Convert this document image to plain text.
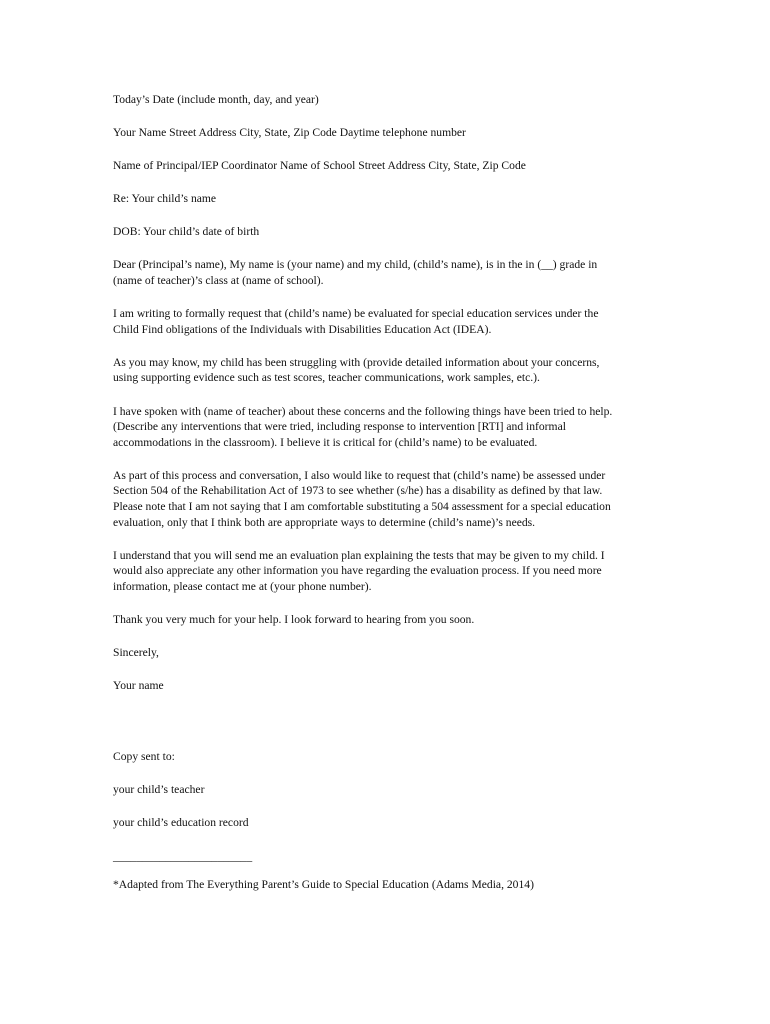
Today’s Date (include month, day, and year)

Your Name Street Address City, State, Zip Code Daytime telephone number

Name of Principal/IEP Coordinator Name of School Street Address City, State, Zip Code

Re: Your child’s name

DOB: Your child’s date of birth

Dear (Principal’s name), My name is (your name) and my child, (child’s name), is in the in (__) grade in
(name of teacher)’s class at (name of school).

I am writing to formally request that (child’s name) be evaluated for special education services under the
Child Find obligations of the Individuals with Disabilities Education Act (IDEA).

As you may know, my child has been struggling with (provide detailed information about your concerns,
using supporting evidence such as test scores, teacher communications, work samples, etc.).

I have spoken with (name of teacher) about these concerns and the following things have been tried to help.
(Describe any interventions that were tried, including response to intervention [RTI] and informal
accommodations in the classroom). I believe it is critical for (child’s name) to be evaluated.

As part of this process and conversation, I also would like to request that (child’s name) be assessed under
Section 504 of the Rehabilitation Act of 1973 to see whether (s/he) has a disability as defined by that law.
Please note that I am not saying that I am comfortable substituting a 504 assessment for a special education
evaluation, only that I think both are appropriate ways to determine (child’s name)’s needs.

I understand that you will send me an evaluation plan explaining the tests that may be given to my child. I
would also appreciate any other information you have regarding the evaluation process. If you need more
information, please contact me at (your phone number).

Thank you very much for your help. I look forward to hearing from you soon.

Sincerely,

Your name

Copy sent to:

your child’s teacher

your child’s education record

________________________

*Adapted from The Everything Parent’s Guide to Special Education (Adams Media, 2014)
